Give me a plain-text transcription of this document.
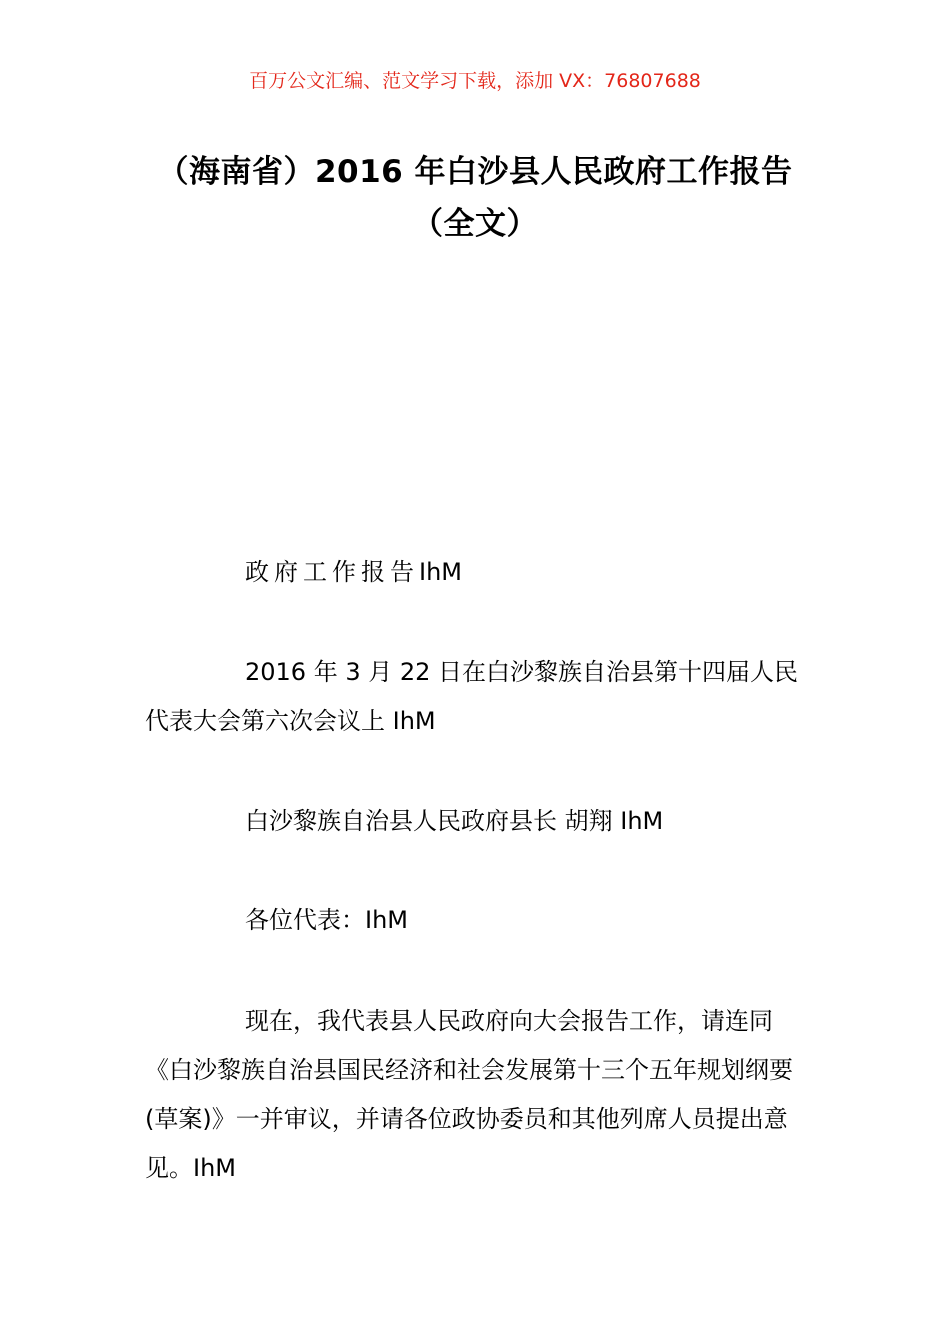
百万公文汇编、范文学习下载，添加 VX：76807688
（海南省）2016 年白沙县人民政府工作报告（全文）
政府工作报告IhM
2016 年 3 月 22 日在白沙黎族自治县第十四届人民代表大会第六次会议上 IhM
白沙黎族自治县人民政府县长 胡翔 IhM
各位代表：IhM
现在，我代表县人民政府向大会报告工作，请连同《白沙黎族自治县国民经济和社会发展第十三个五年规划纲要(草案)》一并审议，并请各位政协委员和其他列席人员提出意见。IhM
